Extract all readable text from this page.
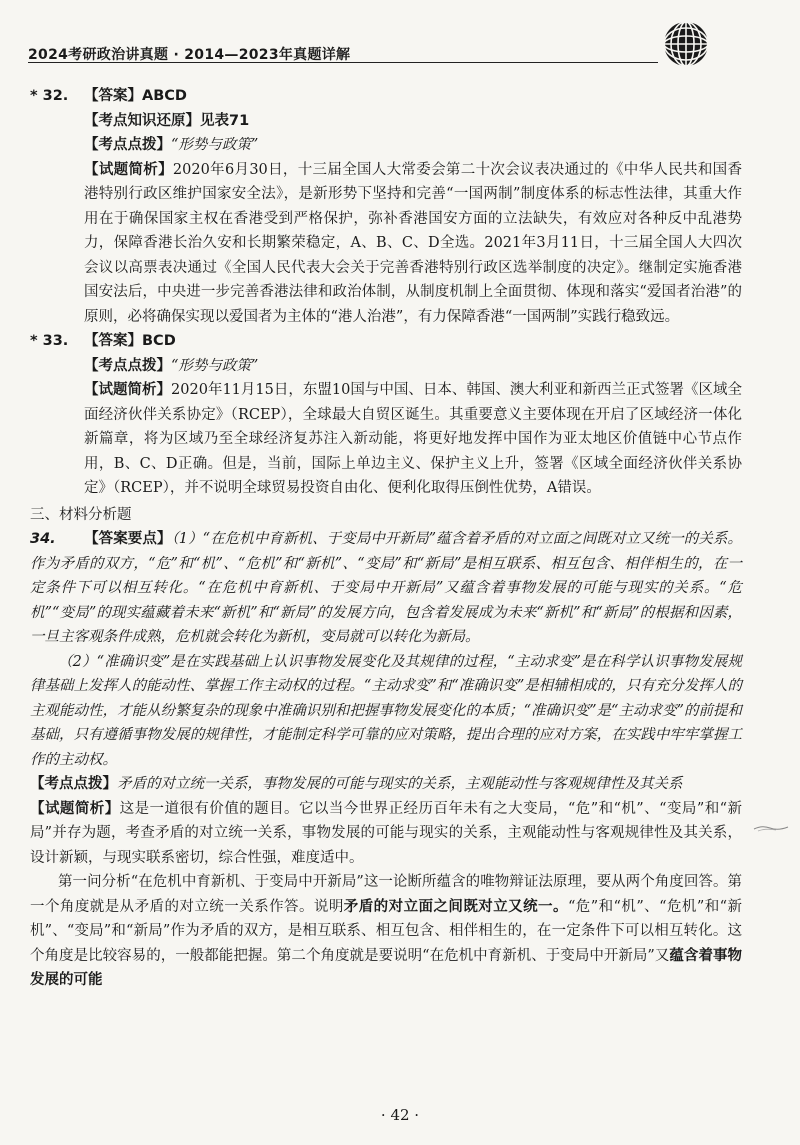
2024考研政治讲真题 · 2014—2023年真题详解
* 32. 【答案】ABCD
【考点知识还原】见表71
【考点点拨】“形势与政策”
【试题简析】2020年6月30日，十三届全国人大常委会第二十次会议表决通过的《中华人民共和国香港特别行政区维护国家安全法》，是新形势下坚持和完善“一国两制”制度体系的标志性法律，其重大作用在于确保国家主权在香港受到严格保护，弥补香港国安方面的立法缺失，有效应对各种反中乱港势力，保障香港长治久安和长期繁荣稳定，A、B、C、D全选。2021年3月11日，十三届全国人大四次会议以高票表决通过《全国人民代表大会关于完善香港特别行政区选举制度的决定》。继制定实施香港国安法后，中央进一步完善香港法律和政治体制，从制度机制上全面贯彻、体现和落实“爱国者治港”的原则，必将确保实现以爱国者为主体的“港人治港”，有力保障香港“一国两制”实践行稳致远。
* 33. 【答案】BCD
【考点点拨】“形势与政策”
【试题简析】2020年11月15日，东盟10国与中国、日本、韩国、澳大利亚和新西兰正式签署《区域全面经济伙伴关系协定》（RCEP），全球最大自贸区诞生。其重要意义主要体现在开启了区域经济一体化新篇章，将为区域乃至全球经济复苏注入新动能，将更好地发挥中国作为亚太地区价值链中心节点作用，B、C、D正确。但是，当前，国际上单边主义、保护主义上升，签署《区域全面经济伙伴关系协定》（RCEP），并不说明全球贸易投资自由化、便利化取得压倒性优势，A错误。
三、材料分析题
34. 【答案要点】（1）“在危机中育新机、于变局中开新局”蕴含着矛盾的对立面之间既对立又统一的关系。作为矛盾的双方，“危”和“机”、“危机”和“新机”、“变局”和“新局”是相互联系、相互包含、相伴相生的，在一定条件下可以相互转化。“在危机中育新机、于变局中开新局”又蕴含着事物发展的可能与现实的关系。“危机”“变局”的现实蕴藏着未来“新机”和“新局”的发展方向，包含着发展成为未来“新机”和“新局”的根据和因素，一旦主客观条件成熟，危机就会转化为新机，变局就可以转化为新局。
（2）“准确识变”是在实践基础上认识事物发展变化及其规律的过程，“主动求变”是在科学认识事物发展规律基础上发挥人的能动性、掌握工作主动权的过程。“主动求变”和“准确识变”是相辅相成的，只有充分发挥人的主观能动性，才能从纷繁复杂的现象中准确识别和把握事物发展变化的本质；“准确识变”是“主动求变”的前提和基础，只有遵循事物发展的规律性，才能制定科学可靠的应对策略，提出合理的应对方案，在实践中牢牢掌握工作的主动权。
【考点点拨】矛盾的对立统一关系，事物发展的可能与现实的关系，主观能动性与客观规律性及其关系
【试题简析】这是一道很有价值的题目。它以当今世界正经历百年未有之大变局，“危”和“机”、“变局”和“新局”并存为题，考查矛盾的对立统一关系，事物发展的可能与现实的关系，主观能动性与客观规律性及其关系，设计新颖，与现实联系密切，综合性强，难度适中。
第一问分析“在危机中育新机、于变局中开新局”这一论断所蕴含的唯物辩证法原理，要从两个角度回答。第一个角度就是从矛盾的对立统一关系作答。说明矛盾的对立面之间既对立又统一。“危”和“机”、“危机”和“新机”、“变局”和“新局”作为矛盾的双方，是相互联系、相互包含、相伴相生的，在一定条件下可以相互转化。这个角度是比较容易的，一般都能把握。第二个角度就是要说明“在危机中育新机、于变局中开新局”又蕴含着事物发展的可能
· 42 ·
